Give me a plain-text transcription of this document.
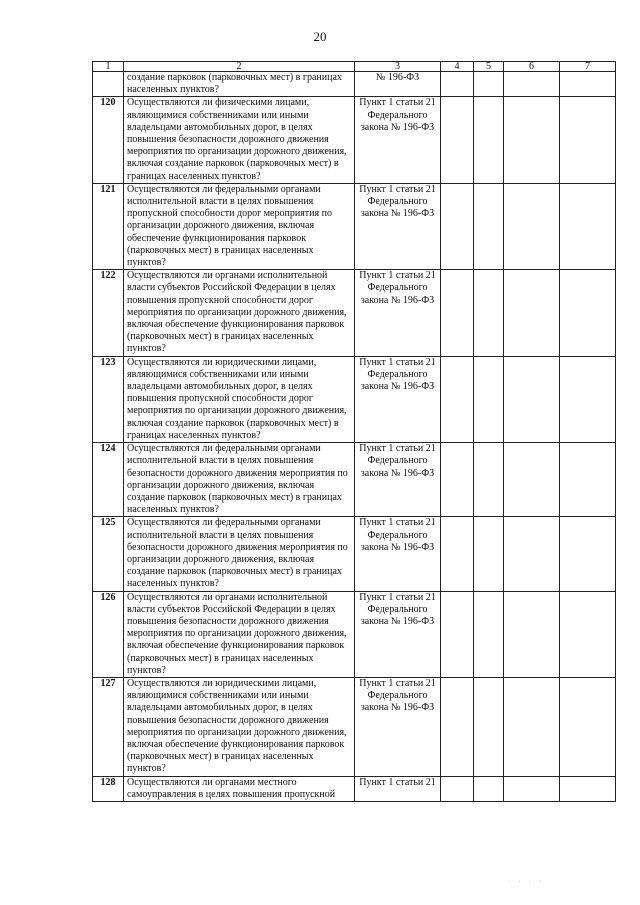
20
1	2	3	4	5	6	7
	создание парковок (парковочных мест) в границах населенных пунктов?	№ 196-ФЗ				
120	Осуществляются ли физическими лицами, являющимися собственниками или иными владельцами автомобильных дорог, в целях повышения безопасности дорожного движения мероприятия по организации дорожного движения, включая создание парковок (парковочных мест) в границах населенных пунктов?	Пункт 1 статьи 21 Федерального закона № 196-ФЗ				
121	Осуществляются ли федеральными органами исполнительной власти в целях повышения пропускной способности дорог мероприятия по организации дорожного движения, включая обеспечение функционирования парковок (парковочных мест) в границах населенных пунктов?	Пункт 1 статьи 21 Федерального закона № 196-ФЗ				
122	Осуществляются ли органами исполнительной власти субъектов Российской Федерации в целях повышения пропускной способности дорог мероприятия по организации дорожного движения, включая обеспечение функционирования парковок (парковочных мест) в границах населенных пунктов?	Пункт 1 статьи 21 Федерального закона № 196-ФЗ				
123	Осуществляются ли юридическими лицами, являющимися собственниками или иными владельцами автомобильных дорог, в целях повышения пропускной способности дорог мероприятия по организации дорожного движения, включая создание парковок (парковочных мест) в границах населенных пунктов?	Пункт 1 статьи 21 Федерального закона № 196-ФЗ				
124	Осуществляются ли федеральными органами исполнительной власти в целях повышения безопасности дорожного движения мероприятия по организации дорожного движения, включая создание парковок (парковочных мест) в границах населенных пунктов?	Пункт 1 статьи 21 Федерального закона № 196-ФЗ				
125	Осуществляются ли федеральными органами исполнительной власти в целях повышения безопасности дорожного движения мероприятия по организации дорожного движения, включая создание парковок (парковочных мест) в границах населенных пунктов?	Пункт 1 статьи 21 Федерального закона № 196-ФЗ				
126	Осуществляются ли органами исполнительной власти субъектов Российской Федерации в целях повышения безопасности дорожного движения мероприятия по организации дорожного движения, включая обеспечение функционирования парковок (парковочных мест) в границах населенных пунктов?	Пункт 1 статьи 21 Федерального закона № 196-ФЗ				
127	Осуществляются ли юридическими лицами, являющимися собственниками или иными владельцами автомобильных дорог, в целях повышения безопасности дорожного движения мероприятия по организации дорожного движения, включая обеспечение функционирования парковок (парковочных мест) в границах населенных пунктов?	Пункт 1 статьи 21 Федерального закона № 196-ФЗ				
128	Осуществляются ли органами местного самоуправления в целях повышения пропускной	Пункт 1 статьи 21				
· · · ·
